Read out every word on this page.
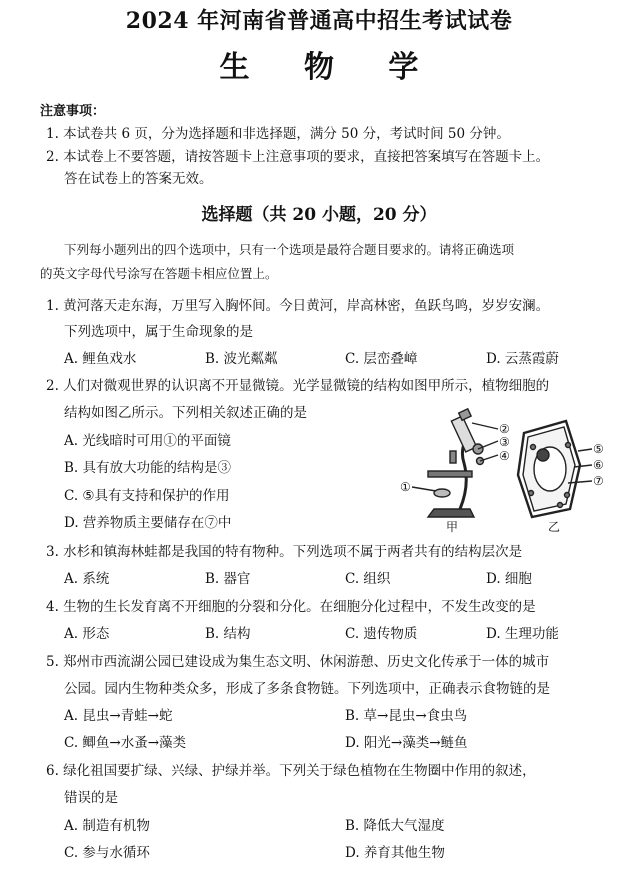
2024 年河南省普通高中招生考试试卷
生 物 学
注意事项：
1. 本试卷共 6 页，分为选择题和非选择题，满分 50 分，考试时间 50 分钟。
2. 本试卷上不要答题，请按答题卡上注意事项的要求，直接把答案填写在答题卡上。
答在试卷上的答案无效。
选择题（共 20 小题，20 分）
下列每小题列出的四个选项中，只有一个选项是最符合题目要求的。请将正确选项
的英文字母代号涂写在答题卡相应位置上。
1. 黄河落天走东海，万里写入胸怀间。今日黄河，岸高林密，鱼跃鸟鸣，岁岁安澜。
下列选项中，属于生命现象的是
A. 鲤鱼戏水	B. 波光粼粼	C. 层峦叠嶂	D. 云蒸霞蔚
2. 人们对微观世界的认识离不开显微镜。光学显微镜的结构如图甲所示，植物细胞的
结构如图乙所示。下列相关叙述正确的是
A. 光线暗时可用①的平面镜
B. 具有放大功能的结构是③
C. ⑤具有支持和保护的作用
D. 营养物质主要储存在⑦中
①
②
③
④
甲
⑤
⑥
⑦
乙
3. 水杉和镇海林蛙都是我国的特有物种。下列选项不属于两者共有的结构层次是
A. 系统	B. 器官	C. 组织	D. 细胞
4. 生物的生长发育离不开细胞的分裂和分化。在细胞分化过程中，不发生改变的是
A. 形态	B. 结构	C. 遗传物质	D. 生理功能
5. 郑州市西流湖公园已建设成为集生态文明、休闲游憩、历史文化传承于一体的城市
公园。园内生物种类众多，形成了多条食物链。下列选项中，正确表示食物链的是
A. 昆虫→青蛙→蛇	B. 草→昆虫→食虫鸟
C. 鲫鱼→水蚤→藻类	D. 阳光→藻类→鲢鱼
6. 绿化祖国要扩绿、兴绿、护绿并举。下列关于绿色植物在生物圈中作用的叙述，
错误的是
A. 制造有机物	B. 降低大气湿度
C. 参与水循环	D. 养育其他生物
